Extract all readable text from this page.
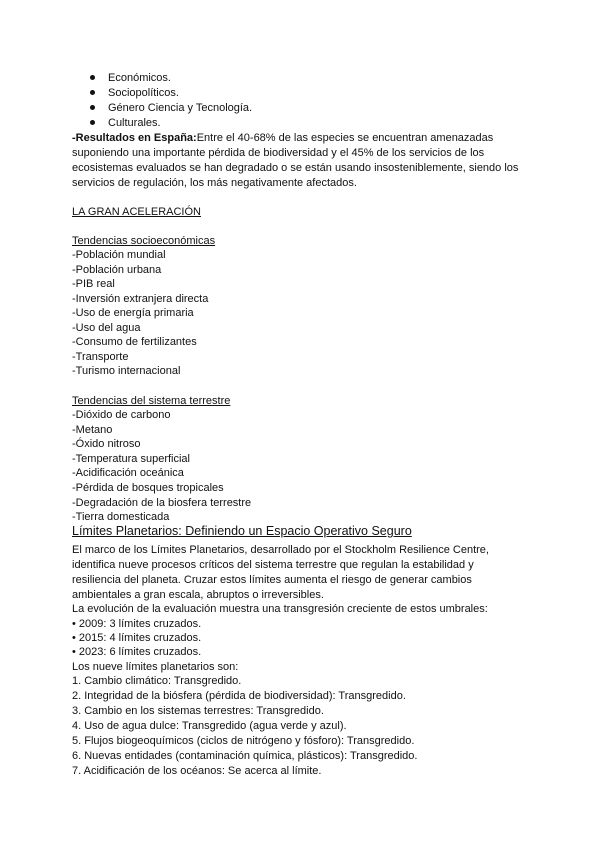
Económicos.
Sociopolíticos.
Género Ciencia y Tecnología.
Culturales.
-Resultados en España:Entre el 40-68% de las especies se encuentran amenazadas
suponiendo una importante pérdida de biodiversidad y el 45% de los servicios de los
ecosistemas evaluados se han degradado o se están usando insosteniblemente, siendo los
servicios de regulación, los más negativamente afectados.
LA GRAN ACELERACIÓN
Tendencias socioeconómicas
-Población mundial
-Población urbana
-PIB real
-Inversión extranjera directa
-Uso de energía primaria
-Uso del agua
-Consumo de fertilizantes
-Transporte
-Turismo internacional
Tendencias del sistema terrestre
-Dióxido de carbono
-Metano
-Óxido nitroso
-Temperatura superficial
-Acidificación oceánica
-Pérdida de bosques tropicales
-Degradación de la biosfera terrestre
-Tierra domesticada
Límites Planetarios: Definiendo un Espacio Operativo Seguro
El marco de los Límites Planetarios, desarrollado por el Stockholm Resilience Centre,
identifica nueve procesos críticos del sistema terrestre que regulan la estabilidad y
resiliencia del planeta. Cruzar estos límites aumenta el riesgo de generar cambios
ambientales a gran escala, abruptos o irreversibles.
La evolución de la evaluación muestra una transgresión creciente de estos umbrales:
• 2009: 3 límites cruzados.
• 2015: 4 límites cruzados.
• 2023: 6 límites cruzados.
Los nueve límites planetarios son:
1. Cambio climático: Transgredido.
2. Integridad de la biósfera (pérdida de biodiversidad): Transgredido.
3. Cambio en los sistemas terrestres: Transgredido.
4. Uso de agua dulce: Transgredido (agua verde y azul).
5. Flujos biogeoquímicos (ciclos de nitrógeno y fósforo): Transgredido.
6. Nuevas entidades (contaminación química, plásticos): Transgredido.
7. Acidificación de los océanos: Se acerca al límite.
